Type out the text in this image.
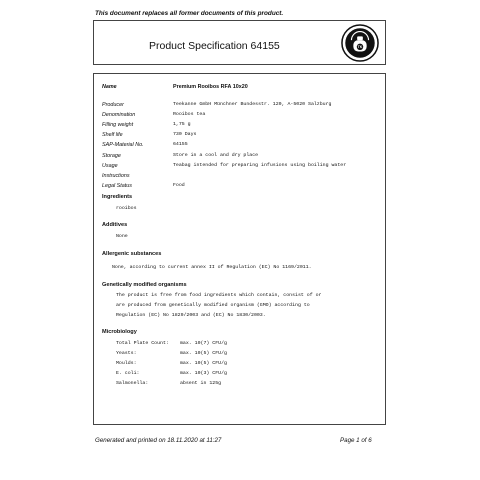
This document replaces all former documents of this product.
Product Specification 64155	TK
Name	Premium Rooibos RFA 10x20
Producer	Teekanne GmbH Münchner Bundesstr. 120, A-5020 Salzburg
Denomination	Rooibos tea
Filling weight	1,75 g
Shelf life	730 Days
SAP-Material No.	64155
Storage	Store in a cool and dry place
Usage	Teabag intended for preparing infusions using boiling water
Instructions
Legal Status	Food
Ingredients
rooibos
Additives
None
Allergenic substances
None, according to current annex II of Regulation (EC) No 1169/2011.
Genetically modified organisms
The product is free from food ingredients which contain, consist of or
are produced from genetically modified organism (GMO) according to
Regulation (EC) No 1829/2003 and (EC) No 1830/2003.
Microbiology
Total Plate Count: max. 10(7) CFU/g
Yeasts:	max. 10(5) CFU/g
Moulds:	max. 10(5) CFU/g
E. coli:	max. 10(3) CFU/g
Salmonella:	absent in 125g
Generated and printed on 18.11.2020 at 11:27	Page 1 of 6
